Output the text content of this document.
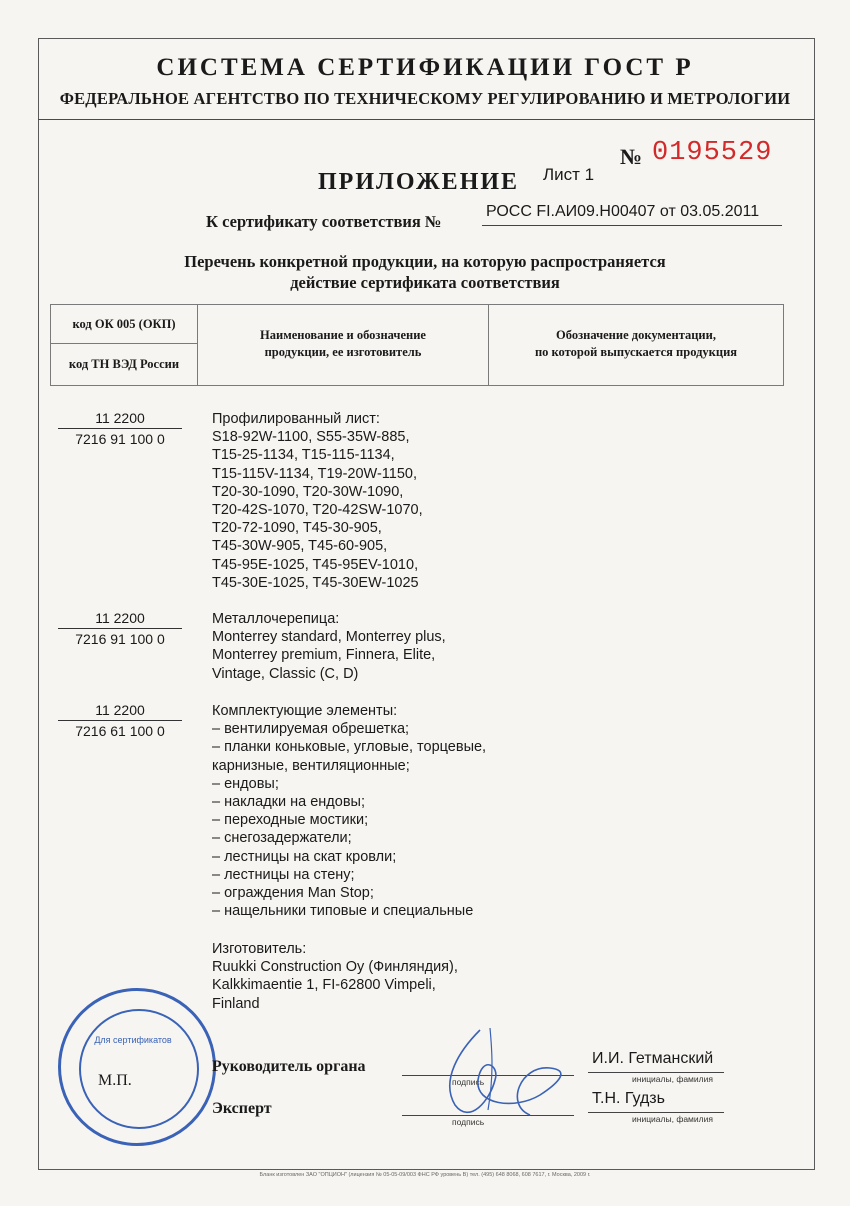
СИСТЕМА СЕРТИФИКАЦИИ ГОСТ Р
ФЕДЕРАЛЬНОЕ АГЕНТСТВО ПО ТЕХНИЧЕСКОМУ РЕГУЛИРОВАНИЮ И МЕТРОЛОГИИ
№ 0195529
ПРИЛОЖЕНИЕ Лист 1
К сертификату соответствия №
РОСС FI.АИ09.Н00407 от 03.05.2011
Перечень конкретной продукции, на которую распространяется
действие сертификата соответствия
код ОК 005 (ОКП)
код ТН ВЭД России
Наименование и обозначение
продукции, ее изготовитель
Обозначение документации,
по которой выпускается продукция
11 2200
7216 91 100 0
Профилированный лист:
S18-92W-1100, S55-35W-885,
T15-25-1134, T15-115-1134,
T15-115V-1134, T19-20W-1150,
T20-30-1090, T20-30W-1090,
T20-42S-1070, T20-42SW-1070,
T20-72-1090, T45-30-905,
T45-30W-905, T45-60-905,
T45-95E-1025, T45-95EV-1010,
T45-30E-1025, T45-30EW-1025
11 2200
7216 91 100 0
Металлочерепица:
Monterrey standard, Monterrey plus,
Monterrey premium, Finnera, Elite,
Vintage, Classic (C, D)
11 2200
7216 61 100 0
Комплектующие элементы:
– вентилируемая обрешетка;
– планки коньковые, угловые, торцевые,
карнизные, вентиляционные;
– ендовы;
– накладки на ендовы;
– переходные мостики;
– снегозадержатели;
– лестницы на скат кровли;
– лестницы на стену;
– ограждения Man Stop;
– нащельники типовые и специальные
Изготовитель:
Ruukki Construction Oy (Финляндия),
Kalkkimaentie 1, FI-62800 Vimpeli,
Finland
Для сертификатов
М.П.
Руководитель органа
подпись
И.И. Гетманский
инициалы, фамилия
Эксперт
подпись
Т.Н. Гудзь
инициалы, фамилия
Бланк изготовлен ЗАО "ОПЦИОН" (лицензия № 05-05-09/003 ФНС РФ уровень В) тел. (495) 648 8068, 608 7617, г. Москва, 2009 г.
